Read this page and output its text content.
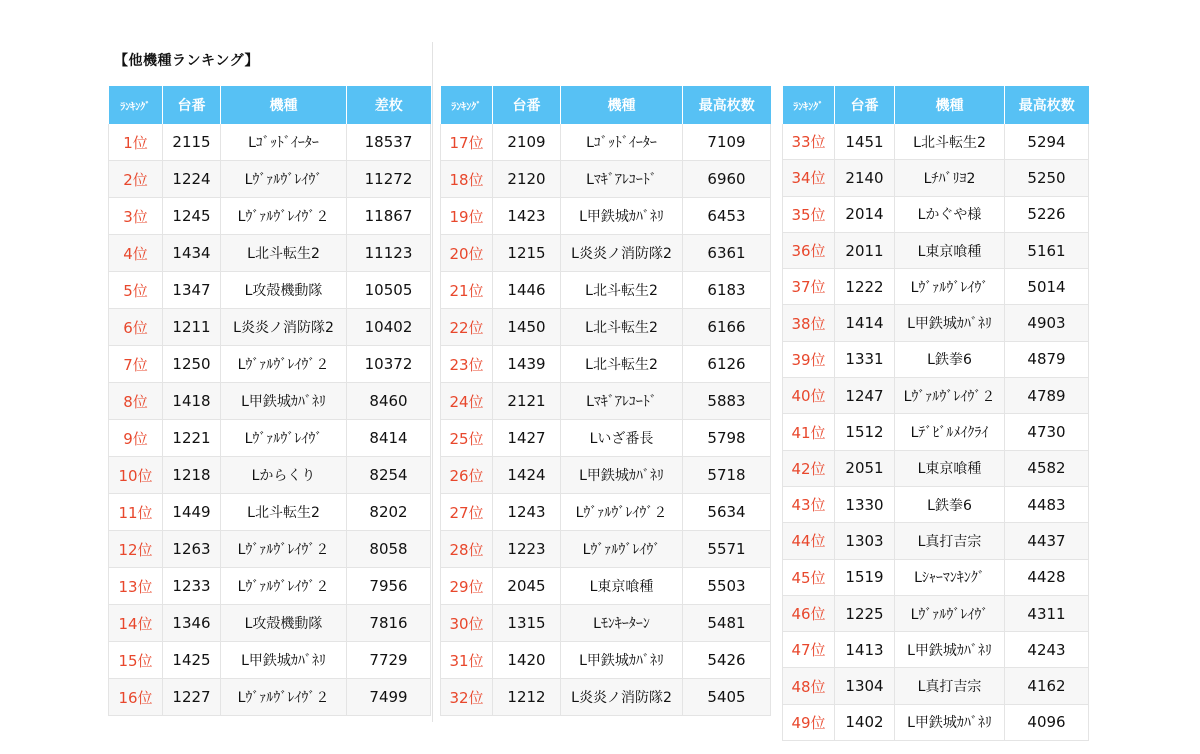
【他機種ランキング】
ﾗﾝｷﾝｸﾞ	台番	機種	差枚
1位	2115	Lｺﾞｯﾄﾞｲｰﾀｰ	18537
2位	1224	Lｳﾞｧﾙｳﾞﾚｲｳﾞ	11272
3位	1245	Lｳﾞｧﾙｳﾞﾚｲｳﾞ２	11867
4位	1434	L北斗転生2	11123
5位	1347	L攻殻機動隊	10505
6位	1211	L炎炎ノ消防隊2	10402
7位	1250	Lｳﾞｧﾙｳﾞﾚｲｳﾞ２	10372
8位	1418	L甲鉄城ｶﾊﾞﾈﾘ	8460
9位	1221	Lｳﾞｧﾙｳﾞﾚｲｳﾞ	8414
10位	1218	Lからくり	8254
11位	1449	L北斗転生2	8202
12位	1263	Lｳﾞｧﾙｳﾞﾚｲｳﾞ２	8058
13位	1233	Lｳﾞｧﾙｳﾞﾚｲｳﾞ２	7956
14位	1346	L攻殻機動隊	7816
15位	1425	L甲鉄城ｶﾊﾞﾈﾘ	7729
16位	1227	Lｳﾞｧﾙｳﾞﾚｲｳﾞ２	7499
ﾗﾝｷﾝｸﾞ	台番	機種	最高枚数
17位	2109	Lｺﾞｯﾄﾞｲｰﾀｰ	7109
18位	2120	Lﾏｷﾞｱﾚｺｰﾄﾞ	6960
19位	1423	L甲鉄城ｶﾊﾞﾈﾘ	6453
20位	1215	L炎炎ノ消防隊2	6361
21位	1446	L北斗転生2	6183
22位	1450	L北斗転生2	6166
23位	1439	L北斗転生2	6126
24位	2121	Lﾏｷﾞｱﾚｺｰﾄﾞ	5883
25位	1427	Lいざ番長	5798
26位	1424	L甲鉄城ｶﾊﾞﾈﾘ	5718
27位	1243	Lｳﾞｧﾙｳﾞﾚｲｳﾞ２	5634
28位	1223	Lｳﾞｧﾙｳﾞﾚｲｳﾞ	5571
29位	2045	L東京喰種	5503
30位	1315	Lﾓﾝｷｰﾀｰﾝ	5481
31位	1420	L甲鉄城ｶﾊﾞﾈﾘ	5426
32位	1212	L炎炎ノ消防隊2	5405
ﾗﾝｷﾝｸﾞ	台番	機種	最高枚数
33位	1451	L北斗転生2	5294
34位	2140	Lﾁﾊﾞﾘﾖ2	5250
35位	2014	Lかぐや様	5226
36位	2011	L東京喰種	5161
37位	1222	Lｳﾞｧﾙｳﾞﾚｲｳﾞ	5014
38位	1414	L甲鉄城ｶﾊﾞﾈﾘ	4903
39位	1331	L鉄拳6	4879
40位	1247	Lｳﾞｧﾙｳﾞﾚｲｳﾞ２	4789
41位	1512	Lﾃﾞﾋﾞﾙﾒｲｸﾗｲ	4730
42位	2051	L東京喰種	4582
43位	1330	L鉄拳6	4483
44位	1303	L真打吉宗	4437
45位	1519	Lｼｬｰﾏﾝｷﾝｸﾞ	4428
46位	1225	Lｳﾞｧﾙｳﾞﾚｲｳﾞ	4311
47位	1413	L甲鉄城ｶﾊﾞﾈﾘ	4243
48位	1304	L真打吉宗	4162
49位	1402	L甲鉄城ｶﾊﾞﾈﾘ	4096
